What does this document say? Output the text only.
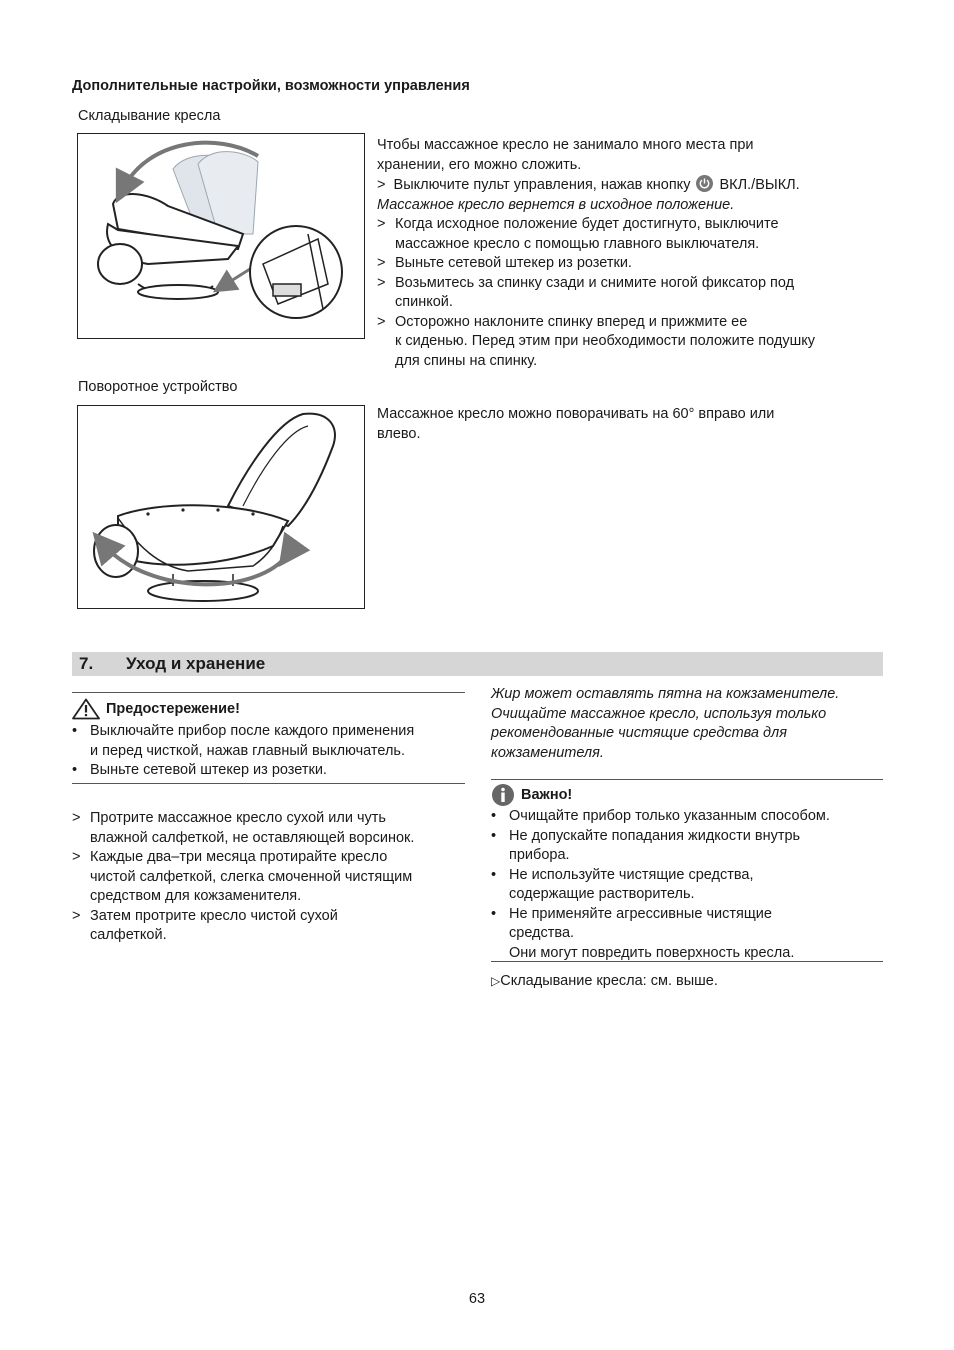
Дополнительные настройки, возможности управления
Складывание кресла

Чтобы массажное кресло не занимало много места при

хранении, его можно сложить.

> Выключите пульт управления, нажав кнопку ВКЛ./ВЫКЛ.

Массажное кресло вернется в исходное положение.

> Когда исходное положение будет достигнуто, выключите

массажное кресло с помощью главного выключателя.

> Выньте сетевой штекер из розетки.

> Возьмитесь за спинку сзади и снимите ногой фиксатор под

спинкой.

> Осторожно наклоните спинку вперед и прижмите ее

к сиденью. Перед этим при необходимости положите подушку

для спины на спинку.

Поворотное устройство

Массажное кресло можно поворачивать на 60° вправо или

влево.

7. Уход и хранение
Предостережение!
• Выключайте прибор после каждого применения

и перед чисткой, нажав главный выключатель.

• Выньте сетевой штекер из розетки.

> Протрите массажное кресло сухой или чуть

влажной салфеткой, не оставляющей ворсинок.

> Каждые два–три месяца протирайте кресло

чистой салфеткой, слегка смоченной чистящим

средством для кожзаменителя.

> Затем протрите кресло чистой сухой

салфеткой.

Жир может оставлять пятна на кожзаменителе.

Очищайте массажное кресло, используя только

рекомендованные чистящие средства для

кожзаменителя.

Важно!
• Очищайте прибор только указанным способом.

• Не допускайте попадания жидкости внутрь

прибора.

• Не используйте чистящие средства,

содержащие растворитель.

• Не применяйте агрессивные чистящие

средства.

Они могут повредить поверхность кресла.

▷Складывание кресла: см. выше.
63
